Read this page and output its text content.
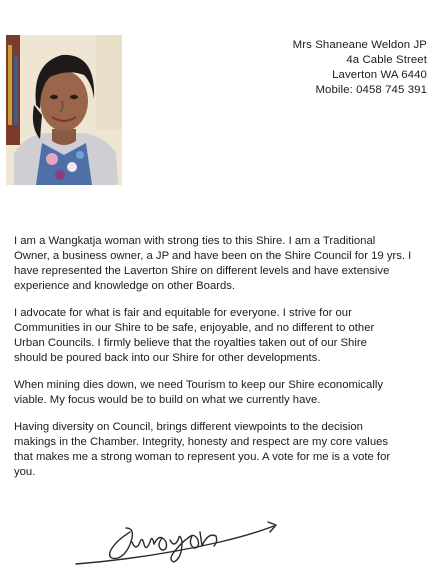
Mrs Shaneane Weldon JP
4a Cable Street
Laverton WA 6440
Mobile: 0458 745 391

I am a Wangkatja woman with strong ties to this Shire. I am a Traditional
Owner, a business owner, a JP and have been on the Shire Council for 19 yrs. I
have represented the Laverton Shire on different levels and have extensive
experience and knowledge on other Boards.

I advocate for what is fair and equitable for everyone. I strive for our
Communities in our Shire to be safe, enjoyable, and no different to other
Urban Councils. I firmly believe that the royalties taken out of our Shire
should be poured back into our Shire for other developments.

When mining dies down, we need Tourism to keep our Shire economically
viable. My focus would be to build on what we currently have.

Having diversity on Council, brings different viewpoints to the decision
makings in the Chamber. Integrity, honesty and respect are my core values
that makes me a strong woman to represent you. A vote for me is a vote for
you.
